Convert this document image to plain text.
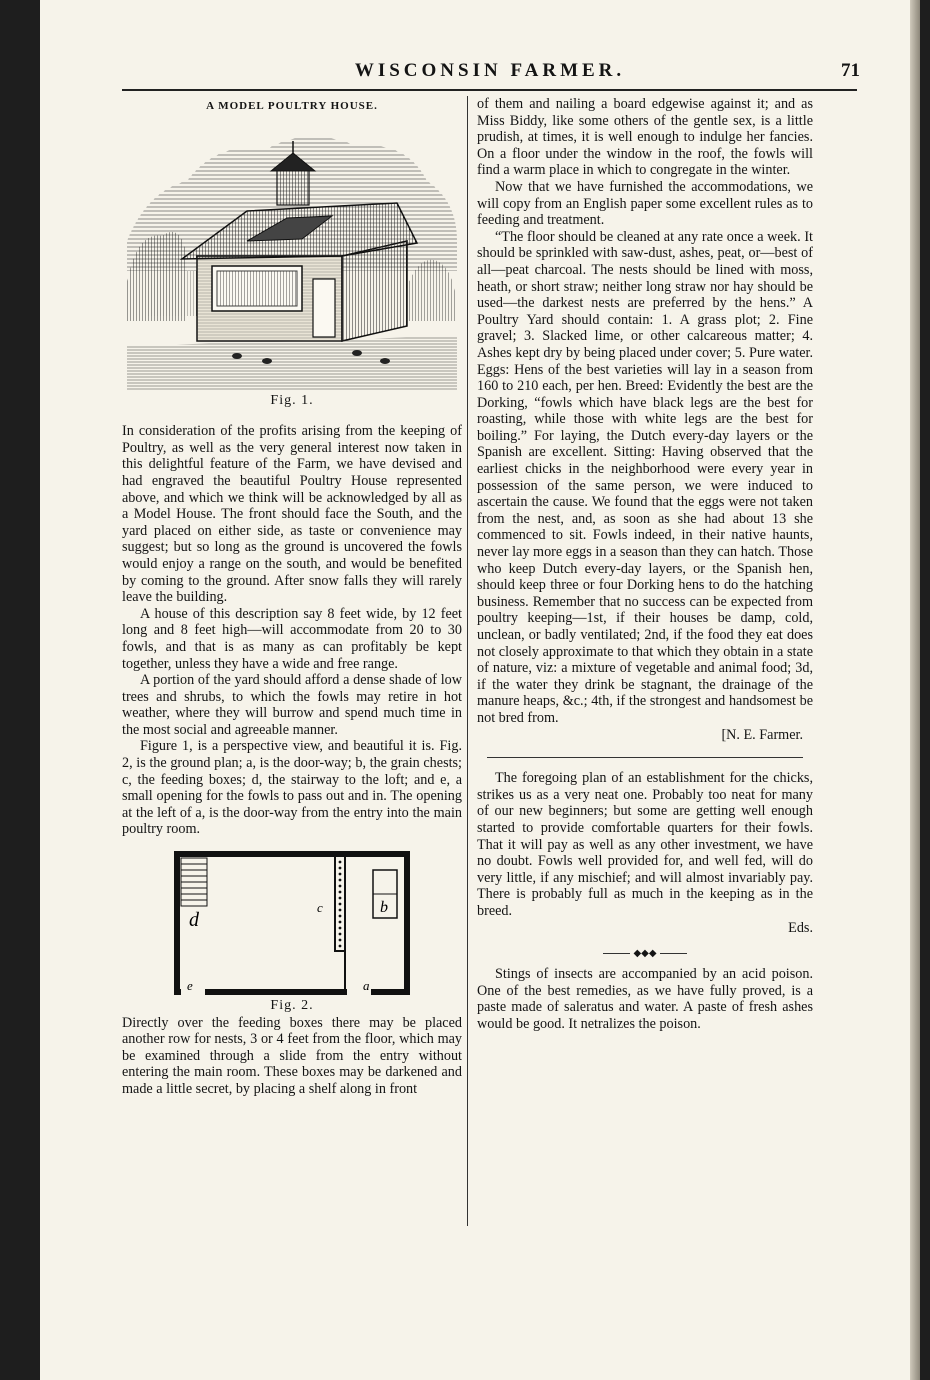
WISCONSIN FARMER.	71
A MODEL POULTRY HOUSE.
Fig. 1.

In consideration of the profits arising from the keeping of Poultry, as well as the very general interest now taken in this delightful feature of the Farm, we have devised and had engraved the beautiful Poultry House represented above, and which we think will be acknowledged by all as a Model House. The front should face the South, and the yard placed on either side, as taste or convenience may suggest; but so long as the ground is uncovered the fowls would enjoy a range on the south, and would be benefited by coming to the ground. After snow falls they will rarely leave the building.

A house of this description say 8 feet wide, by 12 feet long and 8 feet high—will accommodate from 20 to 30 fowls, and that is as many as can profitably be kept together, unless they have a wide and free range.

A portion of the yard should afford a dense shade of low trees and shrubs, to which the fowls may retire in hot weather, where they will burrow and spend much time in the most social and agreeable manner.

Figure 1, is a perspective view, and beautiful it is. Fig. 2, is the ground plan; a, is the door-way; b, the grain chests; c, the feeding boxes; d, the stairway to the loft; and e, a small opening for the fowls to pass out and in. The opening at the left of a, is the door-way from the entry into the main poultry room.

d
c	b
e	a
Fig. 2.

Directly over the feeding boxes there may be placed another row for nests, 3 or 4 feet from the floor, which may be examined through a slide from the entry without entering the main room. These boxes may be darkened and made a little secret, by placing a shelf along in front

of them and nailing a board edgewise against it; and as Miss Biddy, like some others of the gentle sex, is a little prudish, at times, it is well enough to indulge her fancies. On a floor under the window in the roof, the fowls will find a warm place in which to congregate in the winter.

Now that we have furnished the accommodations, we will copy from an English paper some excellent rules as to feeding and treatment.

“The floor should be cleaned at any rate once a week. It should be sprinkled with saw-dust, ashes, peat, or—best of all—peat charcoal. The nests should be lined with moss, heath, or short straw; neither long straw nor hay should be used—the darkest nests are preferred by the hens.” A Poultry Yard should contain: 1. A grass plot; 2. Fine gravel; 3. Slacked lime, or other calcareous matter; 4. Ashes kept dry by being placed under cover; 5. Pure water. Eggs: Hens of the best varieties will lay in a season from 160 to 210 each, per hen. Breed: Evidently the best are the Dorking, “fowls which have black legs are the best for roasting, while those with white legs are the best for boiling.” For laying, the Dutch every-day layers or the Spanish are excellent. Sitting: Having observed that the earliest chicks in the neighborhood were every year in possession of the same person, we were induced to ascertain the cause. We found that the eggs were not taken from the nest, and, as soon as she had about 13 she commenced to sit. Fowls indeed, in their native haunts, never lay more eggs in a season than they can hatch. Those who keep Dutch every-day layers, or the Spanish hen, should keep three or four Dorking hens to do the hatching business. Remember that no success can be expected from poultry keeping—1st, if their houses be damp, cold, unclean, or badly ventilated; 2nd, if the food they eat does not closely approximate to that which they obtain in a state of nature, viz: a mixture of vegetable and animal food; 3d, if the water they drink be stagnant, the drainage of the manure heaps, &c.; 4th, if the strongest and handsomest be not bred from.

[N. E. Farmer.

The foregoing plan of an establishment for the chicks, strikes us as a very neat one. Probably too neat for many of our new beginners; but some are getting well enough started to provide comfortable quarters for their fowls. That it will pay as well as any other investment, we have no doubt. Fowls well provided for, and well fed, will do very little, if any mischief; and will almost invariably pay. There is probably full as much in the keeping as in the breed.

Eds.

◆◆◆

Stings of insects are accompanied by an acid poison. One of the best remedies, as we have fully proved, is a paste made of saleratus and water. A paste of fresh ashes would be good. It netralizes the poison.
